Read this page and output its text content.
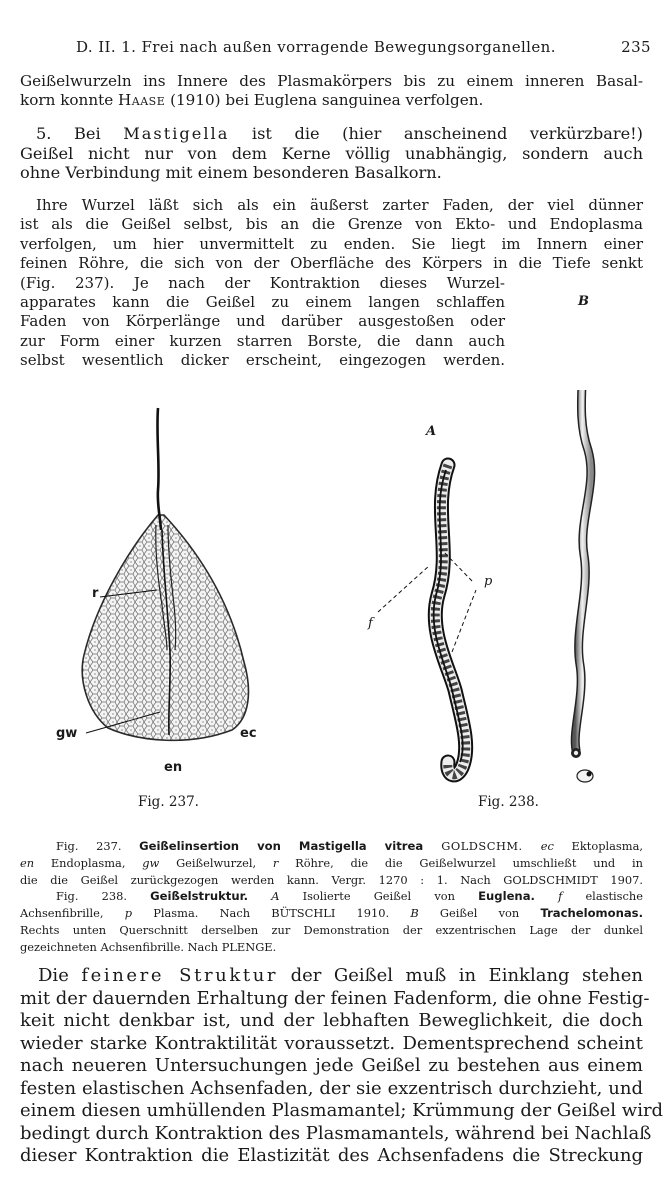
D. II. 1. Frei nach außen vorragende Bewegungsorganellen.	235
Geißelwurzeln ins Innere des Plasmakörpers bis zu einem inneren Basal-
korn konnte Haase (1910) bei Euglena sanguinea verfolgen.
5. Bei Mastigella ist die (hier anscheinend verkürzbare!)
Geißel nicht nur von dem Kerne völlig unabhängig, sondern auch
ohne Verbindung mit einem besonderen Basalkorn.
Ihre Wurzel läßt sich als ein äußerst zarter Faden, der viel dünner
ist als die Geißel selbst, bis an die Grenze von Ekto- und Endoplasma
verfolgen, um hier unvermittelt zu enden. Sie liegt im Innern einer
feinen Röhre, die sich von der Oberfläche des Körpers in die Tiefe senkt
(Fig. 237). Je nach der Kontraktion dieses Wurzel-
apparates kann die Geißel zu einem langen schlaffen
Faden von Körperlänge und darüber ausgestoßen oder
zur Form einer kurzen starren Borste, die dann auch
selbst wesentlich dicker erscheint, eingezogen werden.
r
gw	ec
en
Fig. 237.
A
B
f
p
Fig. 238.
Fig. 237. Geißelinsertion von Mastigella vitrea GOLDSCHM. ec Ektoplasma,
en Endoplasma, gw Geißelwurzel, r Röhre, die die Geißelwurzel umschließt und in
die die Geißel zurückgezogen werden kann. Vergr. 1270 : 1. Nach GOLDSCHMIDT 1907.
Fig. 238. Geißelstruktur. A Isolierte Geißel von Euglena. f elastische
Achsenfibrille, p Plasma. Nach BÜTSCHLI 1910. B Geißel von Trachelomonas.
Rechts unten Querschnitt derselben zur Demonstration der exzentrischen Lage der dunkel
gezeichneten Achsenfibrille. Nach PLENGE.
Die feinere Struktur der Geißel muß in Einklang stehen
mit der dauernden Erhaltung der feinen Fadenform, die ohne Festig-
keit nicht denkbar ist, und der lebhaften Beweglichkeit, die doch
wieder starke Kontraktilität voraussetzt. Dementsprechend scheint
nach neueren Untersuchungen jede Geißel zu bestehen aus einem
festen elastischen Achsenfaden, der sie exzentrisch durchzieht, und
einem diesen umhüllenden Plasmamantel; Krümmung der Geißel wird
bedingt durch Kontraktion des Plasmamantels, während bei Nachlaß
dieser Kontraktion die Elastizität des Achsenfadens die Streckung
